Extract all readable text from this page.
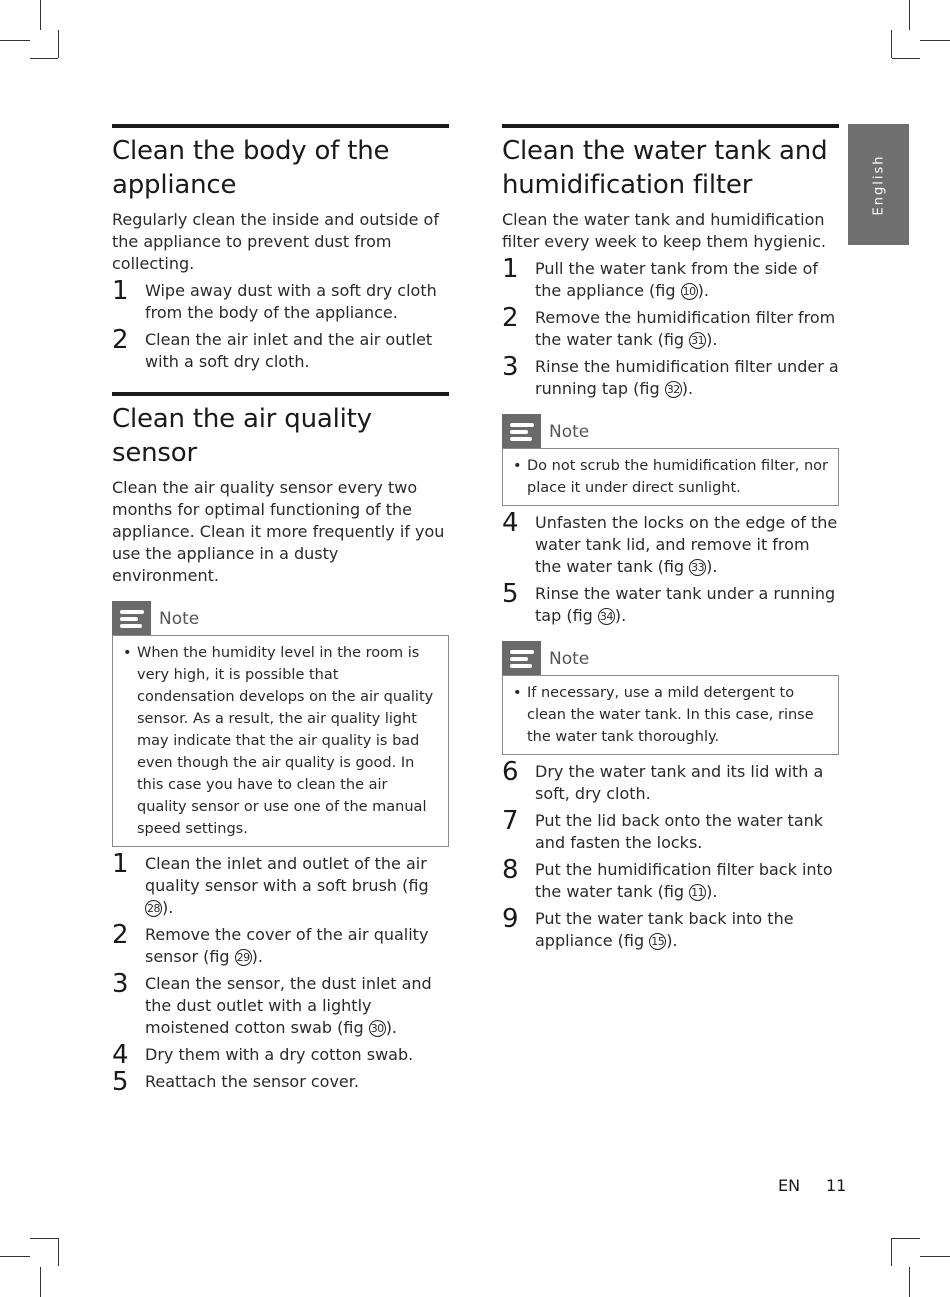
English
Clean the body of the appliance

Regularly clean the inside and outside of the appliance to prevent dust from collecting.

1 Wipe away dust with a soft dry cloth from the body of the appliance.
2 Clean the air inlet and the air outlet with a soft dry cloth.
Clean the air quality sensor

Clean the air quality sensor every two months for optimal functioning of the appliance. Clean it more frequently if you use the appliance in a dusty environment.

Note
• When the humidity level in the room is very high, it is possible that condensation develops on the air quality sensor. As a result, the air quality light may indicate that the air quality is bad even though the air quality is good. In this case you have to clean the air quality sensor or use one of the manual speed settings.
1 Clean the inlet and outlet of the air quality sensor with a soft brush (fig 28 ).
2 Remove the cover of the air quality sensor (fig 29 ).
3 Clean the sensor, the dust inlet and the dust outlet with a lightly moistened cotton swab (fig 30 ).
4 Dry them with a dry cotton swab.
5 Reattach the sensor cover.
Clean the water tank and humidification filter

Clean the water tank and humidification filter every week to keep them hygienic.

1 Pull the water tank from the side of the appliance (fig 10 ).
2 Remove the humidification filter from the water tank (fig 31 ).
3 Rinse the humidification filter under a running tap (fig 32 ).
Note
• Do not scrub the humidification filter, nor place it under direct sunlight.
4 Unfasten the locks on the edge of the water tank lid, and remove it from the water tank (fig 33 ).
5 Rinse the water tank under a running tap (fig 34 ).
Note
• If necessary, use a mild detergent to clean the water tank. In this case, rinse the water tank thoroughly.
6 Dry the water tank and its lid with a soft, dry cloth.
7 Put the lid back onto the water tank and fasten the locks.
8 Put the humidification filter back into the water tank (fig 11 ).
9 Put the water tank back into the appliance (fig 15 ).
EN 11
